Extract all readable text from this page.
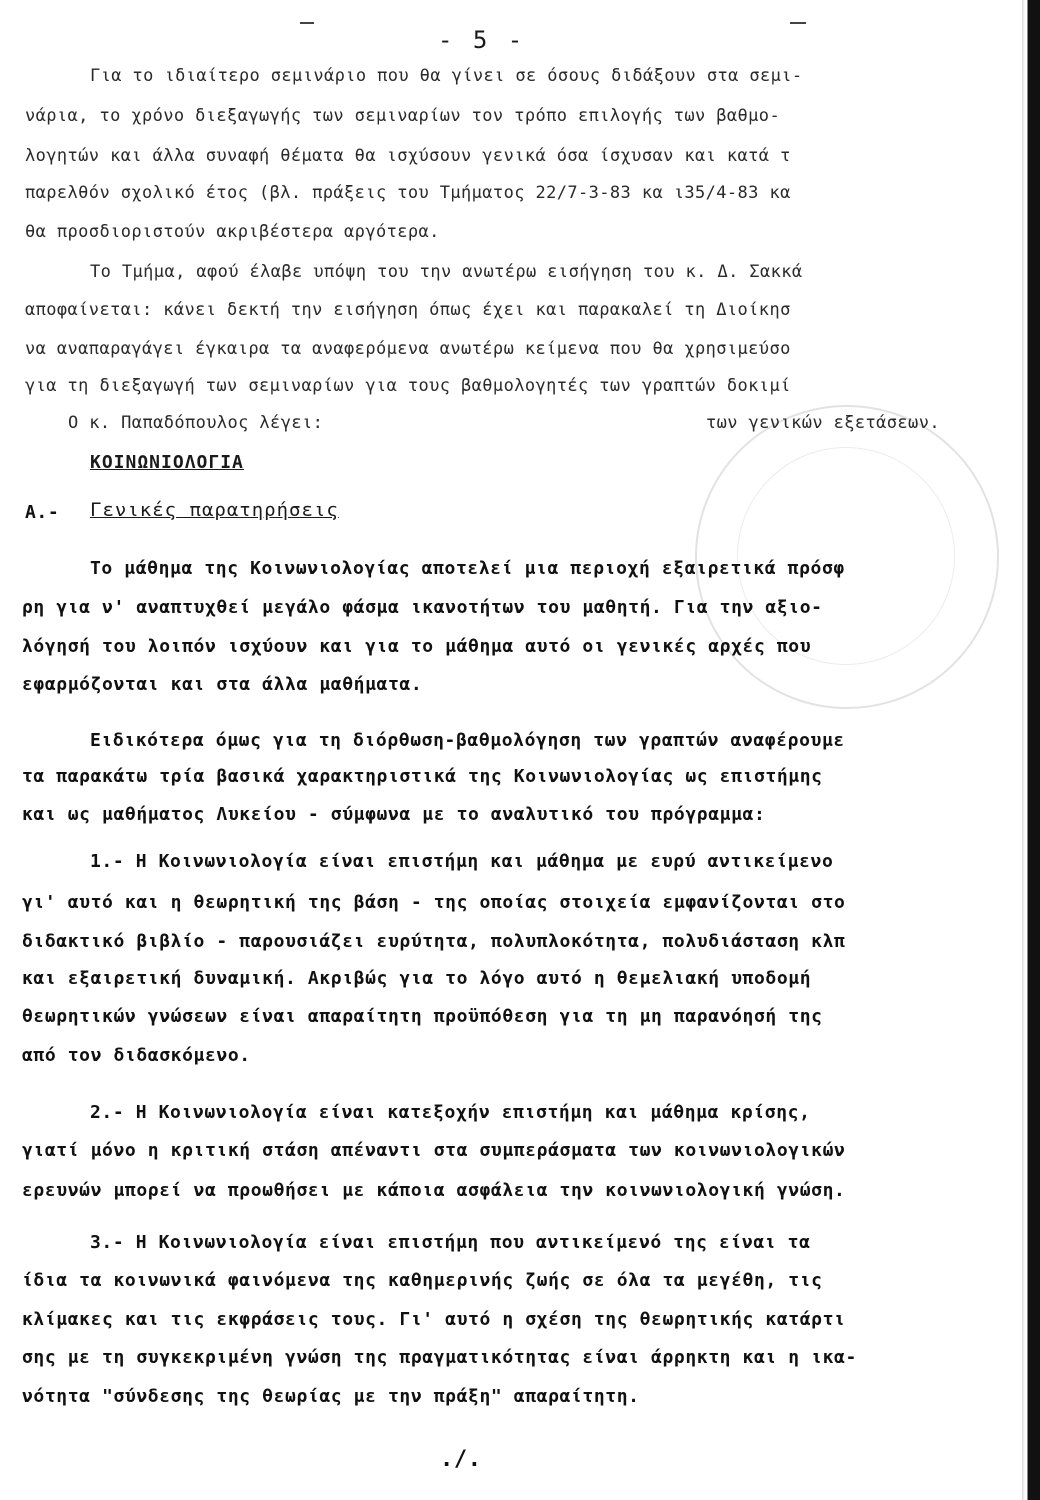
- 5 -
Για το ιδιαίτερο σεμινάριο που θα γίνει σε όσους διδάξουν στα σεμι-
νάρια, το χρόνο διεξαγωγής των σεμιναρίων τον τρόπο επιλογής των βαθμο-
λογητών και άλλα συναφή θέματα θα ισχύσουν γενικά όσα ίσχυσαν και κατά τ
παρελθόν σχολικό έτος (βλ. πράξεις του Τμήματος 22/7-3-83 κα ι35/4-83 κα
θα προσδιοριστούν ακριβέστερα αργότερα.
Το Τμήμα, αφού έλαβε υπόψη του την ανωτέρω εισήγηση του κ. Δ. Σακκά
αποφαίνεται: κάνει δεκτή την εισήγηση όπως έχει και παρακαλεί τη Διοίκησ
να αναπαραγάγει έγκαιρα τα αναφερόμενα ανωτέρω κείμενα που θα χρησιμεύσο
για τη διεξαγωγή των σεμιναρίων για τους βαθμολογητές των γραπτών δοκιμί
Ο κ. Παπαδόπουλος λέγει:	των γενικών εξετάσεων.
ΚΟΙΝΩΝΙΟΛΟΓΙΑ
Α.- Γενικές παρατηρήσεις
Το μάθημα της Κοινωνιολογίας αποτελεί μια περιοχή εξαιρετικά πρόσφ
ρη για ν' αναπτυχθεί μεγάλο φάσμα ικανοτήτων του μαθητή. Για την αξιο-
λόγησή του λοιπόν ισχύουν και για το μάθημα αυτό οι γενικές αρχές που
εφαρμόζονται και στα άλλα μαθήματα.
Ειδικότερα όμως για τη διόρθωση-βαθμολόγηση των γραπτών αναφέρουμε
τα παρακάτω τρία βασικά χαρακτηριστικά της Κοινωνιολογίας ως επιστήμης
και ως μαθήματος Λυκείου - σύμφωνα με το αναλυτικό του πρόγραμμα:
1.- Η Κοινωνιολογία είναι επιστήμη και μάθημα με ευρύ αντικείμενο
γι' αυτό και η θεωρητική της βάση - της οποίας στοιχεία εμφανίζονται στο
διδακτικό βιβλίο - παρουσιάζει ευρύτητα, πολυπλοκότητα, πολυδιάσταση κλπ
και εξαιρετική δυναμική. Ακριβώς για το λόγο αυτό η θεμελιακή υποδομή
θεωρητικών γνώσεων είναι απαραίτητη προϋπόθεση για τη μη παρανόησή της
από τον διδασκόμενο.
2.- Η Κοινωνιολογία είναι κατεξοχήν επιστήμη και μάθημα κρίσης,
γιατί μόνο η κριτική στάση απέναντι στα συμπεράσματα των κοινωνιολογικών
ερευνών μπορεί να προωθήσει με κάποια ασφάλεια την κοινωνιολογική γνώση.
3.- Η Κοινωνιολογία είναι επιστήμη που αντικείμενό της είναι τα
ίδια τα κοινωνικά φαινόμενα της καθημερινής ζωής σε όλα τα μεγέθη, τις
κλίμακες και τις εκφράσεις τους. Γι' αυτό η σχέση της θεωρητικής κατάρτι
σης με τη συγκεκριμένη γνώση της πραγματικότητας είναι άρρηκτη και η ικα-
νότητα "σύνδεσης της θεωρίας με την πράξη" απαραίτητη.
./.
